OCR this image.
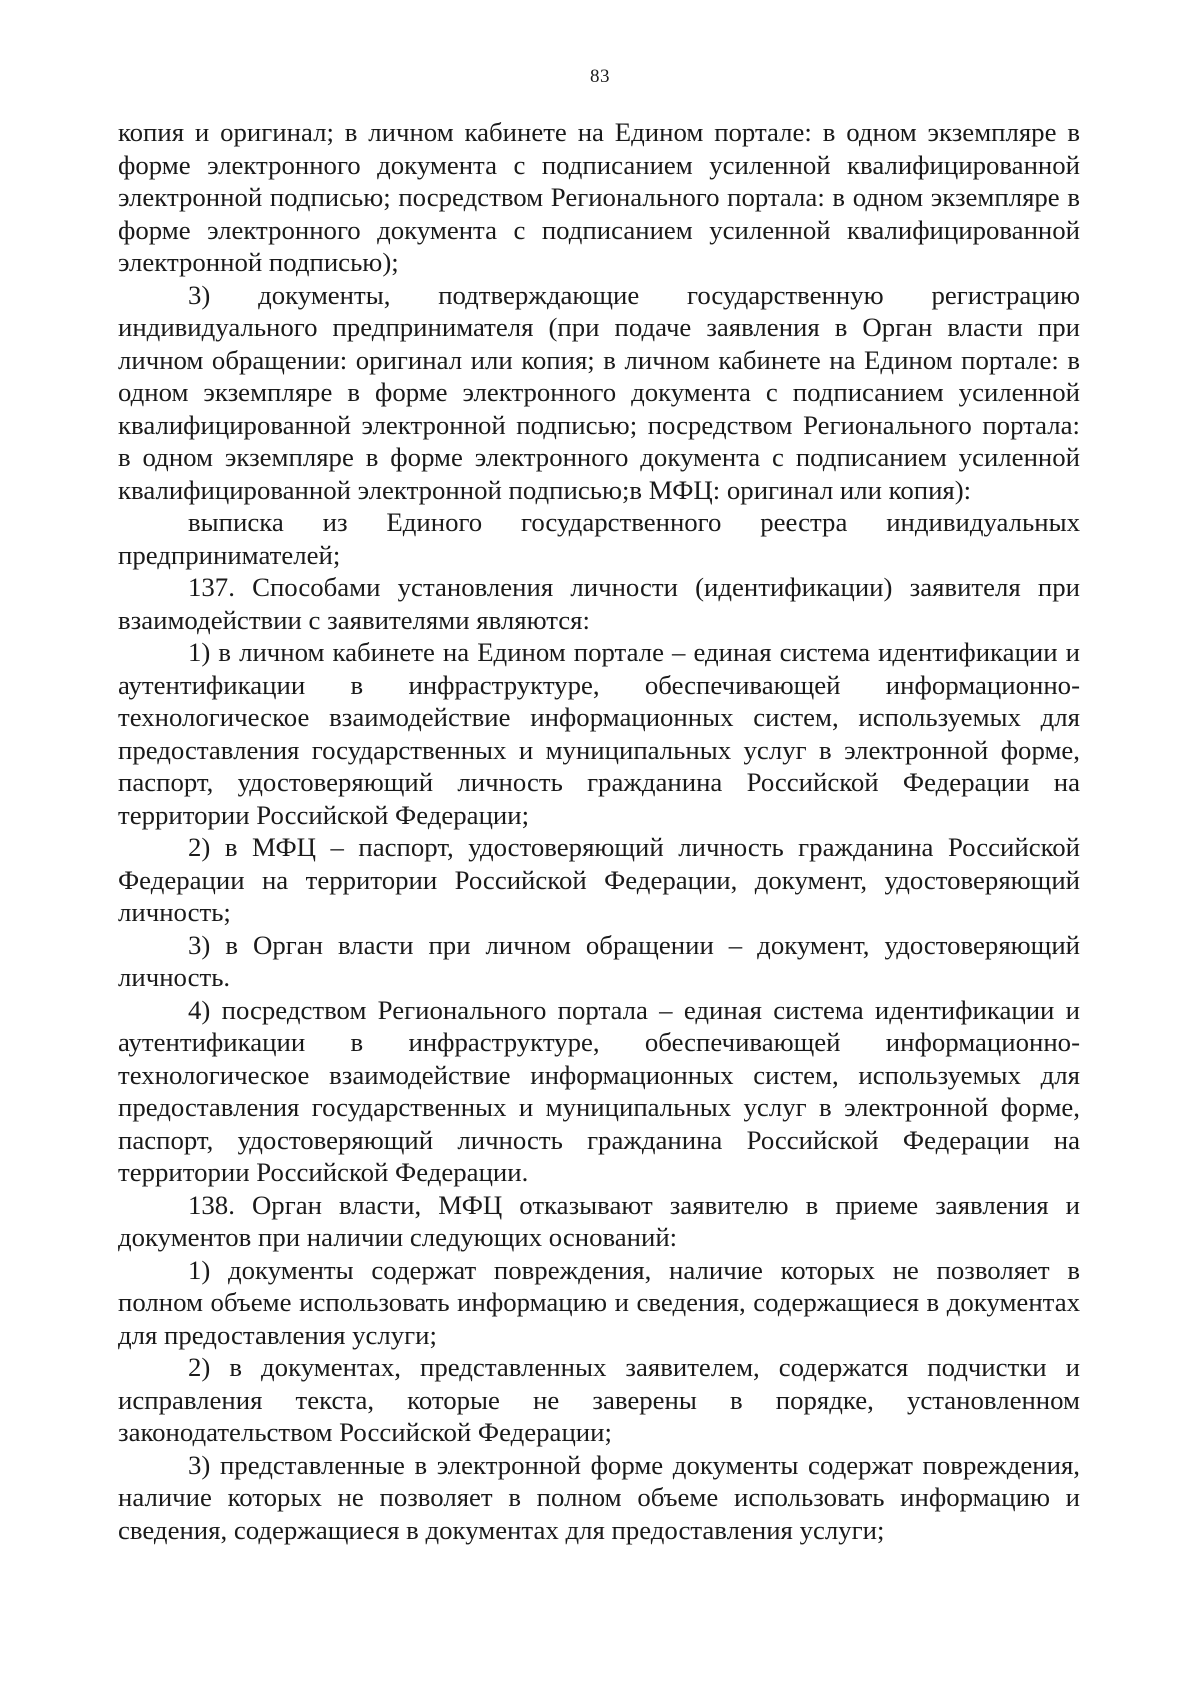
83

копия и оригинал; в личном кабинете на Едином портале: в одном экземпляре в форме электронного документа с подписанием усиленной квалифицированной электронной подписью; посредством Регионального портала: в одном экземпляре в форме электронного документа с подписанием усиленной квалифицированной электронной подписью);

3) документы, подтверждающие государственную регистрацию индивидуального предпринимателя (при подаче заявления в Орган власти при личном обращении: оригинал или копия; в личном кабинете на Едином портале: в одном экземпляре в форме электронного документа с подписанием усиленной квалифицированной электронной подписью; посредством Регионального портала: в одном экземпляре в форме электронного документа с подписанием усиленной квалифицированной электронной подписью;в МФЦ: оригинал или копия):

выписка из Единого государственного реестра индивидуальных предпринимателей;

137. Способами установления личности (идентификации) заявителя при взаимодействии с заявителями являются:

1) в личном кабинете на Едином портале – единая система идентификации и аутентификации в инфраструктуре, обеспечивающей информационно-технологическое взаимодействие информационных систем, используемых для предоставления государственных и муниципальных услуг в электронной форме, паспорт, удостоверяющий личность гражданина Российской Федерации на территории Российской Федерации;

2) в МФЦ – паспорт, удостоверяющий личность гражданина Российской Федерации на территории Российской Федерации, документ, удостоверяющий личность;

3) в Орган власти при личном обращении – документ, удостоверяющий личность.

4) посредством Регионального портала – единая система идентификации и аутентификации в инфраструктуре, обеспечивающей информационно-технологическое взаимодействие информационных систем, используемых для предоставления государственных и муниципальных услуг в электронной форме, паспорт, удостоверяющий личность гражданина Российской Федерации на территории Российской Федерации.

138. Орган власти, МФЦ отказывают заявителю в приеме заявления и документов при наличии следующих оснований:

1) документы содержат повреждения, наличие которых не позволяет в полном объеме использовать информацию и сведения, содержащиеся в документах для предоставления услуги;

2) в документах, представленных заявителем, содержатся подчистки и исправления текста, которые не заверены в порядке, установленном законодательством Российской Федерации;

3) представленные в электронной форме документы содержат повреждения, наличие которых не позволяет в полном объеме использовать информацию и сведения, содержащиеся в документах для предоставления услуги;
